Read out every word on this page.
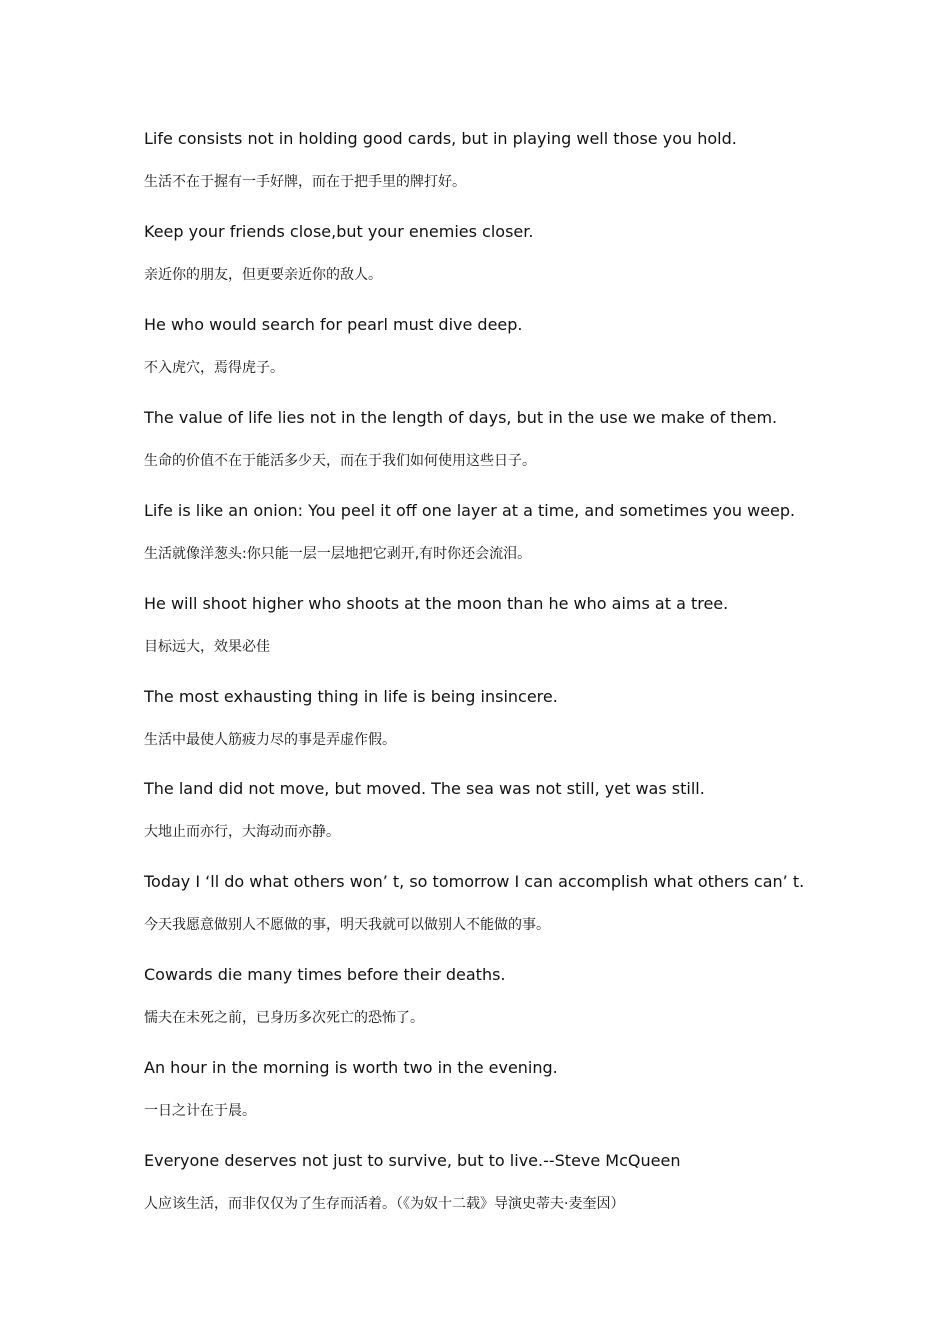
Life consists not in holding good cards, but in playing well those you hold.

生活不在于握有一手好牌，而在于把手里的牌打好。

Keep your friends close,but your enemies closer.

亲近你的朋友，但更要亲近你的敌人。

He who would search for pearl must dive deep.

不入虎穴，焉得虎子。

The value of life lies not in the length of days, but in the use we make of them.

生命的价值不在于能活多少天，而在于我们如何使用这些日子。

Life is like an onion: You peel it off one layer at a time, and sometimes you weep.

生活就像洋葱头:你只能一层一层地把它剥开,有时你还会流泪。

He will shoot higher who shoots at the moon than he who aims at a tree.

目标远大，效果必佳

The most exhausting thing in life is being insincere.

生活中最使人筋疲力尽的事是弄虚作假。

The land did not move, but moved. The sea was not still, yet was still.

大地止而亦行，大海动而亦静。

Today I ‘ll do what others won’ t, so tomorrow I can accomplish what others can’ t.

今天我愿意做别人不愿做的事，明天我就可以做别人不能做的事。

Cowards die many times before their deaths.

懦夫在未死之前，已身历多次死亡的恐怖了。

An hour in the morning is worth two in the evening.

一日之计在于晨。

Everyone deserves not just to survive, but to live.--Steve McQueen

人应该生活，而非仅仅为了生存而活着。（《为奴十二载》导演史蒂夫·麦奎因）
